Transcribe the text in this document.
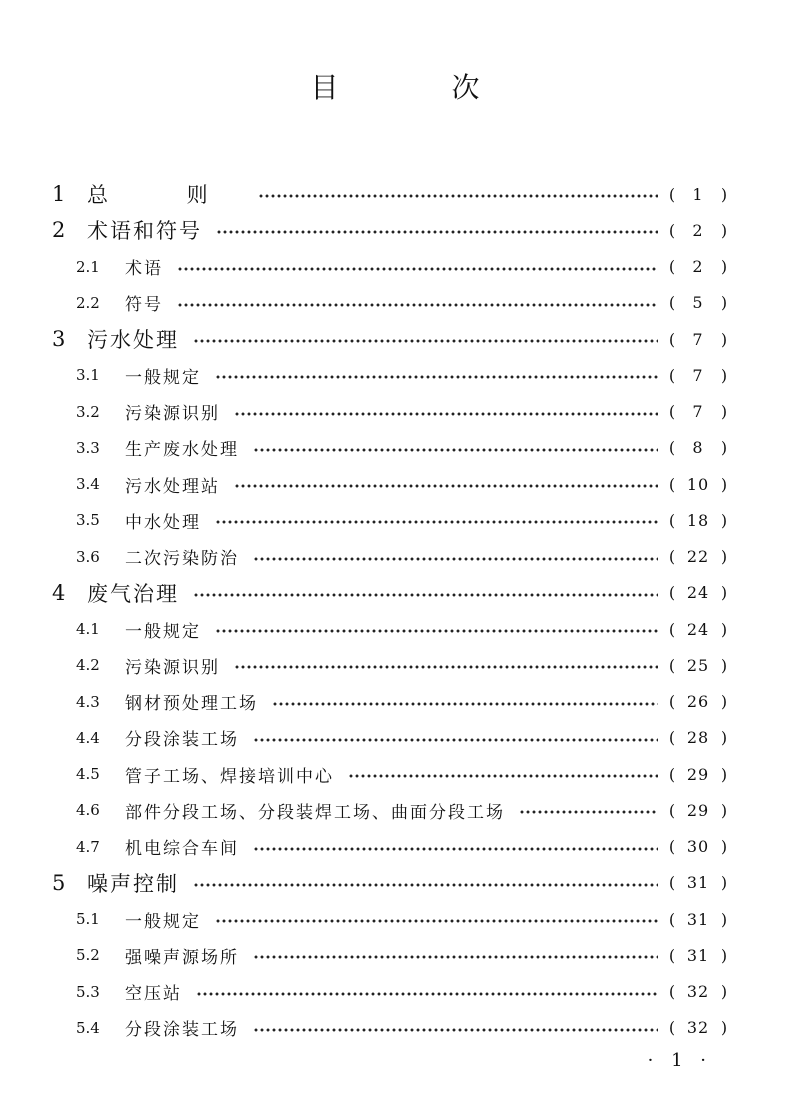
目 次
1	总 则	(	1	)
2	术语和符号	(	2	)
2.1	术语	(	2	)
2.2	符号	(	5	)
3	污水处理	(	7	)
3.1	一般规定	(	7	)
3.2	污染源识别	(	7	)
3.3	生产废水处理	(	8	)
3.4	污水处理站	( 10 )
3.5	中水处理	( 18 )
3.6	二次污染防治	( 22 )
4	废气治理	( 24 )
4.1	一般规定	( 24 )
4.2	污染源识别	( 25 )
4.3	钢材预处理工场	( 26 )
4.4	分段涂装工场	( 28 )
4.5	管子工场、焊接培训中心	( 29 )
4.6	部件分段工场、分段装焊工场、曲面分段工场	( 29 )
4.7	机电综合车间	( 30 )
5	噪声控制	( 31 )
5.1	一般规定	( 31 )
5.2	强噪声源场所	( 31 )
5.3	空压站	( 32 )
5.4	分段涂装工场	( 32 )
· 1 ·
